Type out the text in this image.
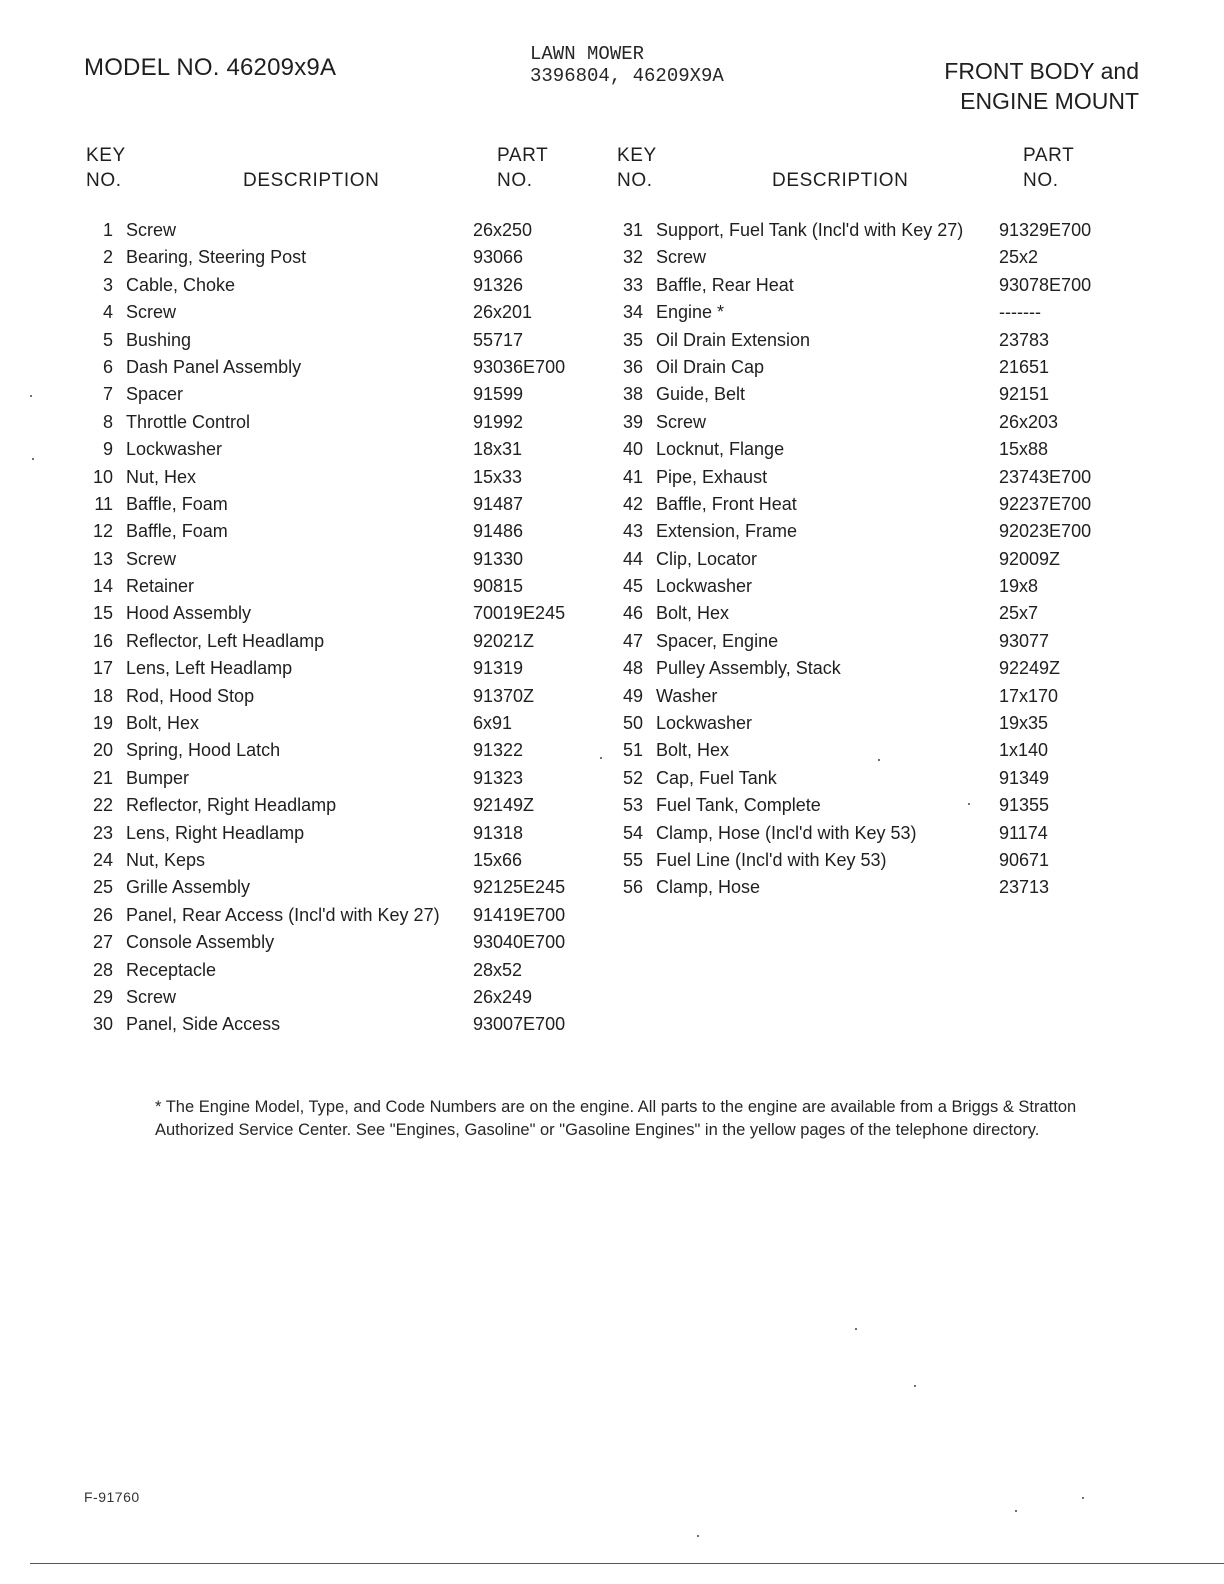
MODEL NO. 46209x9A	LAWN MOWER
3396804, 46209X9A	FRONT BODY and
ENGINE MOUNT
KEY
NO.	DESCRIPTION
PART
NO.
KEY
NO.	DESCRIPTION
PART
NO.
1 Screw	26x250
2 Bearing, Steering Post	93066
3 Cable, Choke	91326
4 Screw	26x201
5 Bushing	55717
6 Dash Panel Assembly	93036E700
7 Spacer	91599
8 Throttle Control	91992
9 Lockwasher	18x31
10 Nut, Hex	15x33
11 Baffle, Foam	91487
12 Baffle, Foam	91486
13 Screw	91330
14 Retainer	90815
15 Hood Assembly	70019E245
16 Reflector, Left Headlamp	92021Z
17 Lens, Left Headlamp	91319
18 Rod, Hood Stop	91370Z
19 Bolt, Hex	6x91
20 Spring, Hood Latch	91322
21 Bumper	91323
22 Reflector, Right Headlamp	92149Z
23 Lens, Right Headlamp	91318
24 Nut, Keps	15x66
25 Grille Assembly	92125E245
26 Panel, Rear Access (Incl'd with Key 27) 91419E700
27 Console Assembly	93040E700
28 Receptacle	28x52
29 Screw	26x249
30 Panel, Side Access	93007E700
31 Support, Fuel Tank (Incl'd with Key 27) 91329E700
32 Screw	25x2
33 Baffle, Rear Heat	93078E700
34 Engine *	-------
35 Oil Drain Extension	23783
36 Oil Drain Cap	21651
38 Guide, Belt	92151
39 Screw	26x203
40 Locknut, Flange	15x88
41 Pipe, Exhaust	23743E700
42 Baffle, Front Heat	92237E700
43 Extension, Frame	92023E700
44 Clip, Locator	92009Z
45 Lockwasher	19x8
46 Bolt, Hex	25x7
47 Spacer, Engine	93077
48 Pulley Assembly, Stack	92249Z
49 Washer	17x170
50 Lockwasher	19x35
51 Bolt, Hex	1x140
52 Cap, Fuel Tank	91349
53 Fuel Tank, Complete	91355
54 Clamp, Hose (Incl'd with Key 53)	91174
55 Fuel Line (Incl'd with Key 53)	90671
56 Clamp, Hose	23713
* The Engine Model, Type, and Code Numbers are on the engine. All parts to the engine are available from a Briggs & Stratton Authorized Service Center. See "Engines, Gasoline" or "Gasoline Engines" in the yellow pages of the telephone directory.
F-91760
